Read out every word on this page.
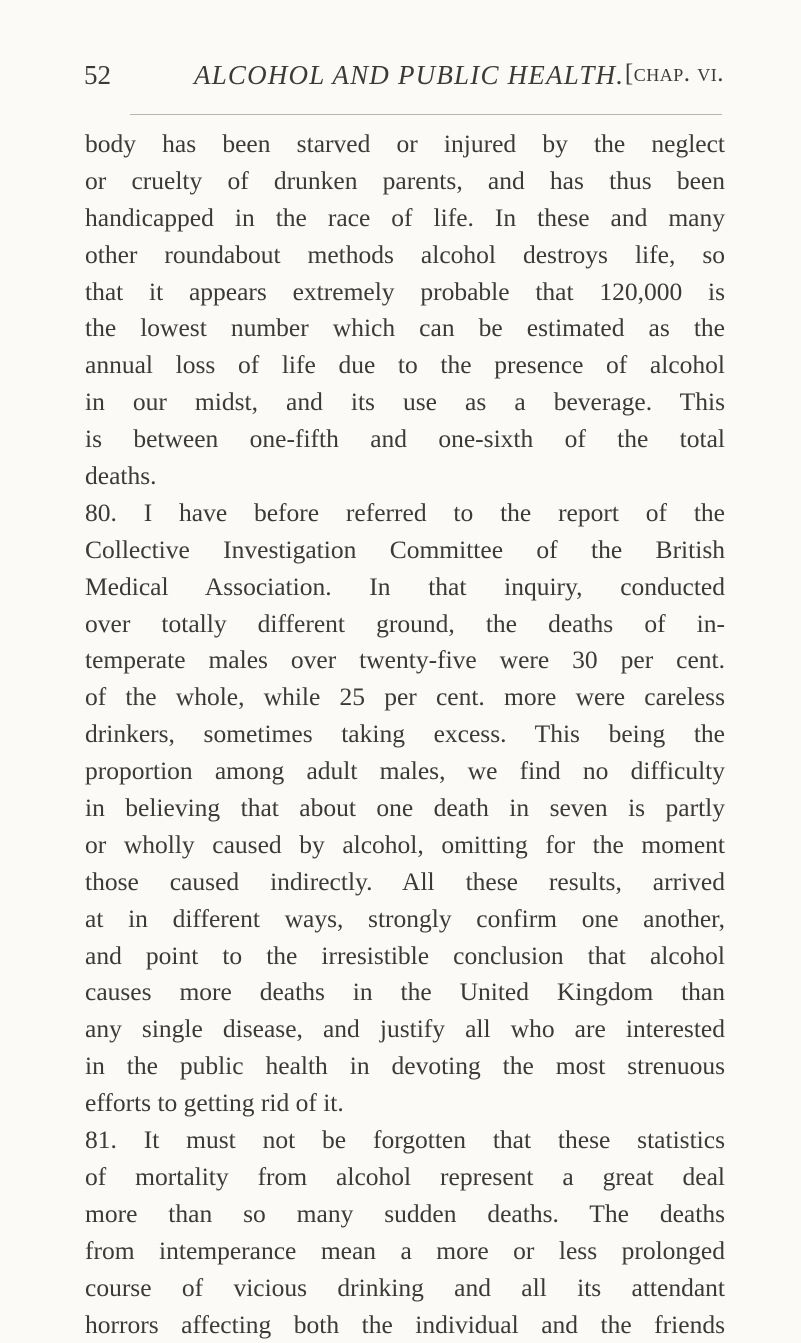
52	ALCOHOL AND PUBLIC HEALTH. [chap. vi.
body has been starved or injured by the neglect
or cruelty of drunken parents, and has thus been
handicapped in the race of life. In these and many
other roundabout methods alcohol destroys life, so
that it appears extremely probable that 120,000 is
the lowest number which can be estimated as the
annual loss of life due to the presence of alcohol
in our midst, and its use as a beverage. This
is between one-fifth and one-sixth of the total
deaths.
80. I have before referred to the report of the
Collective Investigation Committee of the British
Medical Association. In that inquiry, conducted
over totally different ground, the deaths of in-
temperate males over twenty-five were 30 per cent.
of the whole, while 25 per cent. more were careless
drinkers, sometimes taking excess. This being the
proportion among adult males, we find no difficulty
in believing that about one death in seven is partly
or wholly caused by alcohol, omitting for the moment
those caused indirectly. All these results, arrived
at in different ways, strongly confirm one another,
and point to the irresistible conclusion that alcohol
causes more deaths in the United Kingdom than
any single disease, and justify all who are interested
in the public health in devoting the most strenuous
efforts to getting rid of it.
81. It must not be forgotten that these statistics
of mortality from alcohol represent a great deal
more than so many sudden deaths. The deaths
from intemperance mean a more or less prolonged
course of vicious drinking and all its attendant
horrors affecting both the individual and the friends
